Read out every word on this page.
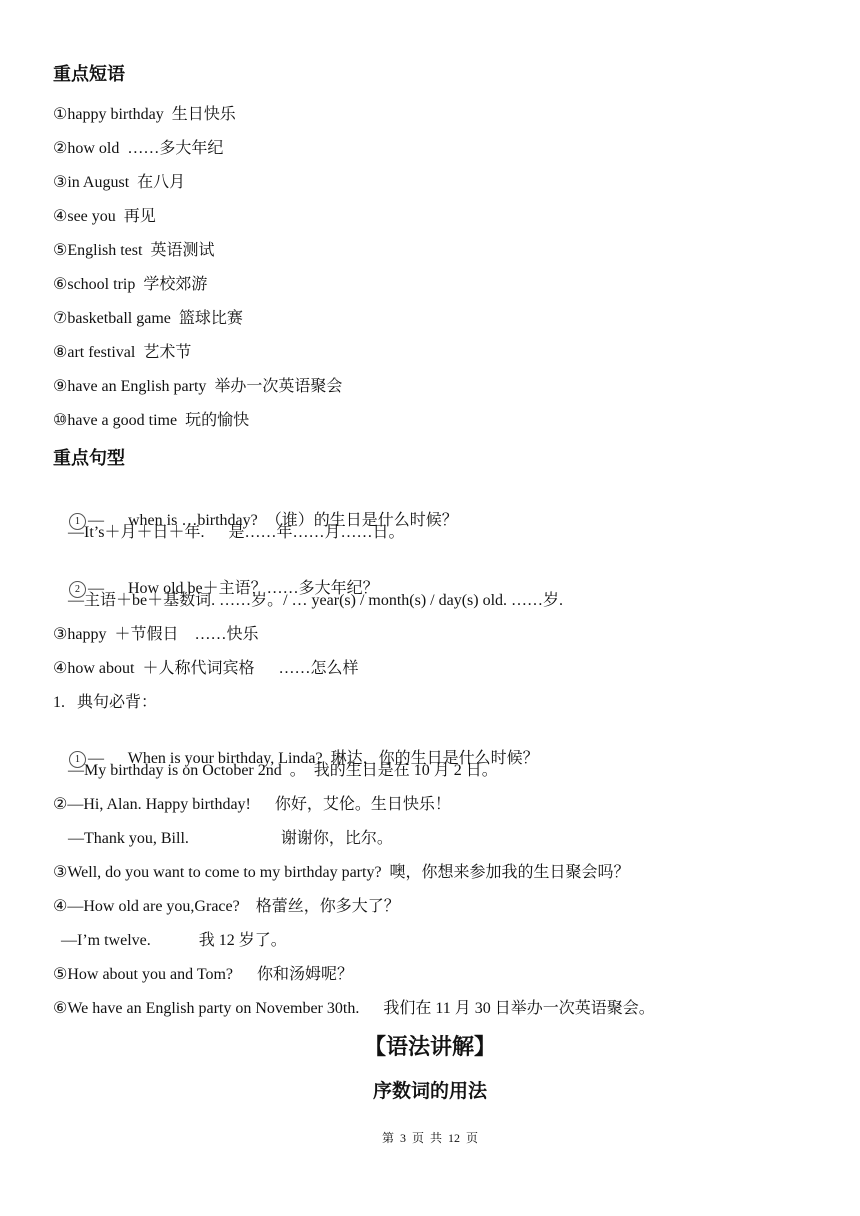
重点短语
①happy birthday  生日快乐
②how old  ……多大年纪
③in August  在八月
④see you  再见
⑤English test  英语测试
⑥school trip  学校郊游
⑦basketball game  篮球比赛
⑧art festival  艺术节
⑨have an English party  举办一次英语聚会
⑩have a good time  玩的愉快
重点句型

1 —      when is …birthday?  （谁）的生日是什么时候？

—It’s＋月＋日＋年.      是……年……月……日。

2 —      How old be＋主语？……多大年纪？

—主语＋be＋基数词. ……岁。/ … year(s) / month(s) / day(s) old. ……岁.
③happy  ＋节假日    ……快乐
④how about  ＋人称代词宾格      ……怎么样
1.   典句必背：

1 —      When is your birthday, Linda?  琳达，你的生日是什么时候？

—My birthday is on October 2nd  。  我的生日是在 10 月 2 日。
②—Hi, Alan. Happy birthday!      你好，艾伦。生日快乐！
—Thank you, Bill.                       谢谢你，比尔。
③Well, do you want to come to my birthday party?  噢，你想来参加我的生日聚会吗？
④—How old are you,Grace?    格蕾丝，你多大了？
—I’m twelve.            我 12 岁了。
⑤How about you and Tom?      你和汤姆呢？
⑥We have an English party on November 30th.      我们在 11 月 30 日举办一次英语聚会。
【语法讲解】
序数词的用法
第  3  页  共  12  页
